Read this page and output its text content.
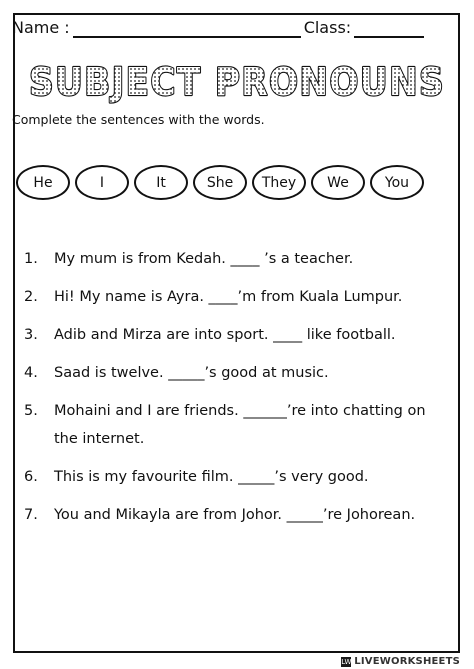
Name :	Class:
SUBJECT PRONOUNS
Complete the sentences with the words.
He	I	It	She	They	We	You
1.	My mum is from Kedah. ____ ’s a teacher.
2.	Hi! My name is Ayra. ____’m from Kuala Lumpur.
3.	Adib and Mirza are into sport. ____ like football.
4.	Saad is twelve. _____’s good at music.
5.	Mohaini and I are friends. ______’re into chatting on the internet.
6.	This is my favourite film. _____’s very good.
7.	You and Mikayla are from Johor. _____’re Johorean.
LW LIVEWORKSHEETS
